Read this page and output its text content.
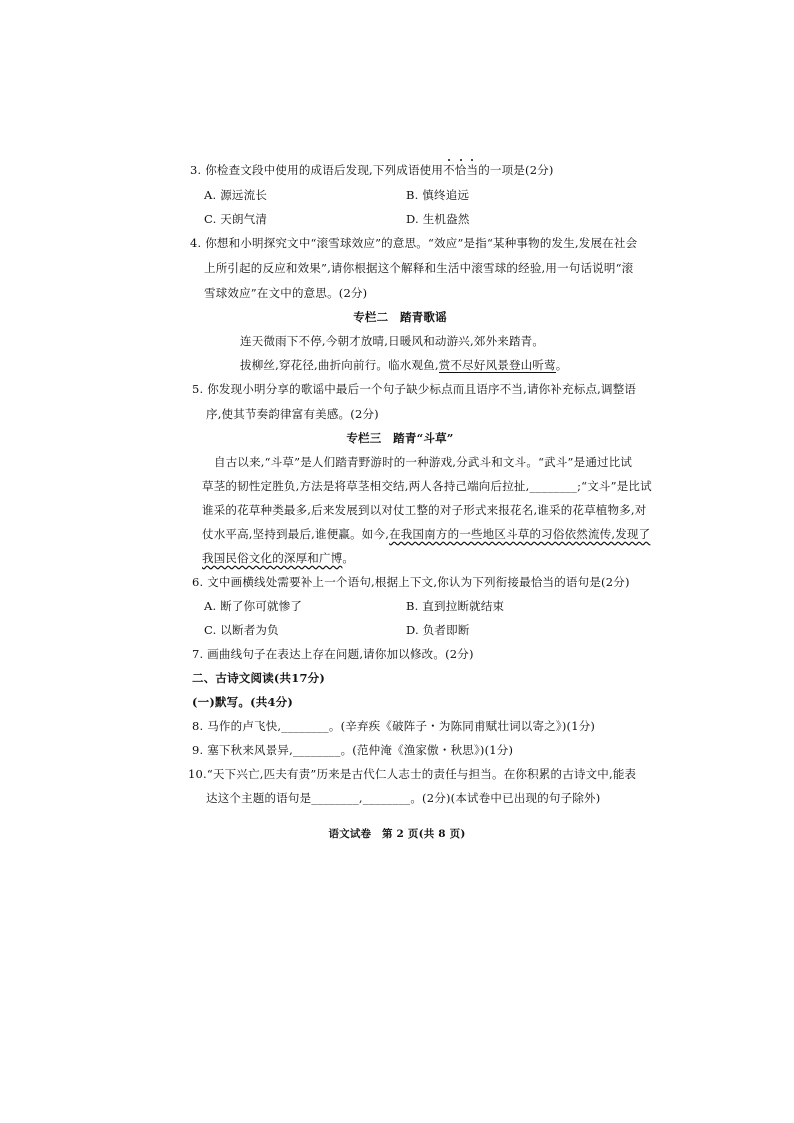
3. 你检查文段中使用的成语后发现,下列成语使用不恰当的一项是(2分)
A. 源远流长	B. 慎终追远
C. 天朗气清	D. 生机盎然
4. 你想和小明探究文中“滚雪球效应”的意思。“效应”是指“某种事物的发生,发展在社会
上所引起的反应和效果”,请你根据这个解释和生活中滚雪球的经验,用一句话说明“滚
雪球效应”在文中的意思。(2分)
专栏二　踏青歌谣
连天微雨下不停,今朝才放晴,日暖风和动游兴,郊外来踏青。
拔柳丝,穿花径,曲折向前行。临水观鱼,赏不尽好风景登山听莺。
5. 你发现小明分享的歌谣中最后一个句子缺少标点而且语序不当,请你补充标点,调整语
序,使其节奏韵律富有美感。(2分)
专栏三　踏青“斗草”
自古以来,“斗草”是人们踏青野游时的一种游戏,分武斗和文斗。“武斗”是通过比试
草茎的韧性定胜负,方法是将草茎相交结,两人各持己端向后拉扯,________;“文斗”是比试
谁采的花草种类最多,后来发展到以对仗工整的对子形式来报花名,谁采的花草植物多,对
仗水平高,坚持到最后,谁便赢。如今,在我国南方的一些地区斗草的习俗依然流传,发现了
我国民俗文化的深厚和广博。
6. 文中画横线处需要补上一个语句,根据上下文,你认为下列衔接最恰当的语句是(2分)
A. 断了你可就惨了	B. 直到拉断就结束
C. 以断者为负	D. 负者即断
7. 画曲线句子在表达上存在问题,请你加以修改。(2分)
二、古诗文阅读(共17分)
(一)默写。(共4分)
8. 马作的卢飞快,________。(辛弃疾《破阵子・为陈同甫赋壮词以寄之》)(1分)
9. 塞下秋来风景异,________。(范仲淹《渔家傲・秋思》)(1分)
10.“天下兴亡,匹夫有责”历来是古代仁人志士的责任与担当。在你积累的古诗文中,能表
达这个主题的语句是________,________。(2分)(本试卷中已出现的句子除外)
语文试卷　第 2 页(共 8 页)
